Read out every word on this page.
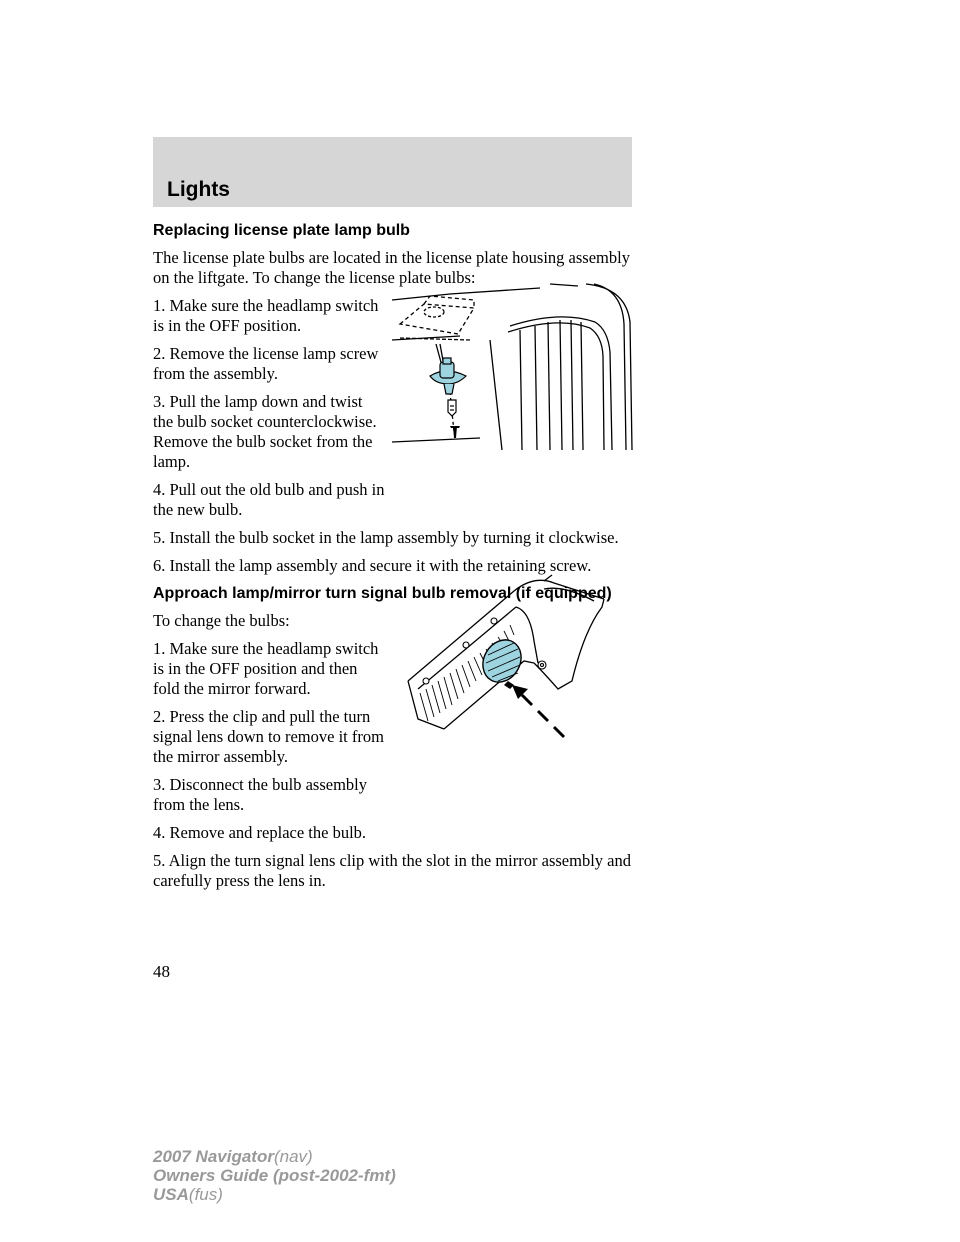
Lights
Replacing license plate lamp bulb
The license plate bulbs are located in the license plate housing assembly on the liftgate. To change the license plate bulbs:
1. Make sure the headlamp switch is in the OFF position.
2. Remove the license lamp screw from the assembly.
3. Pull the lamp down and twist the bulb socket counterclockwise. Remove the bulb socket from the lamp.
4. Pull out the old bulb and push in the new bulb.
5. Install the bulb socket in the lamp assembly by turning it clockwise.
6. Install the lamp assembly and secure it with the retaining screw.
Approach lamp/mirror turn signal bulb removal (if equipped)
To change the bulbs:
1. Make sure the headlamp switch is in the OFF position and then fold the mirror forward.
2. Press the clip and pull the turn signal lens down to remove it from the mirror assembly.
3. Disconnect the bulb assembly from the lens.
4. Remove and replace the bulb.
5. Align the turn signal lens clip with the slot in the mirror assembly and carefully press the lens in.
48
2007 Navigator(nav)
Owners Guide (post-2002-fmt)
USA(fus)
